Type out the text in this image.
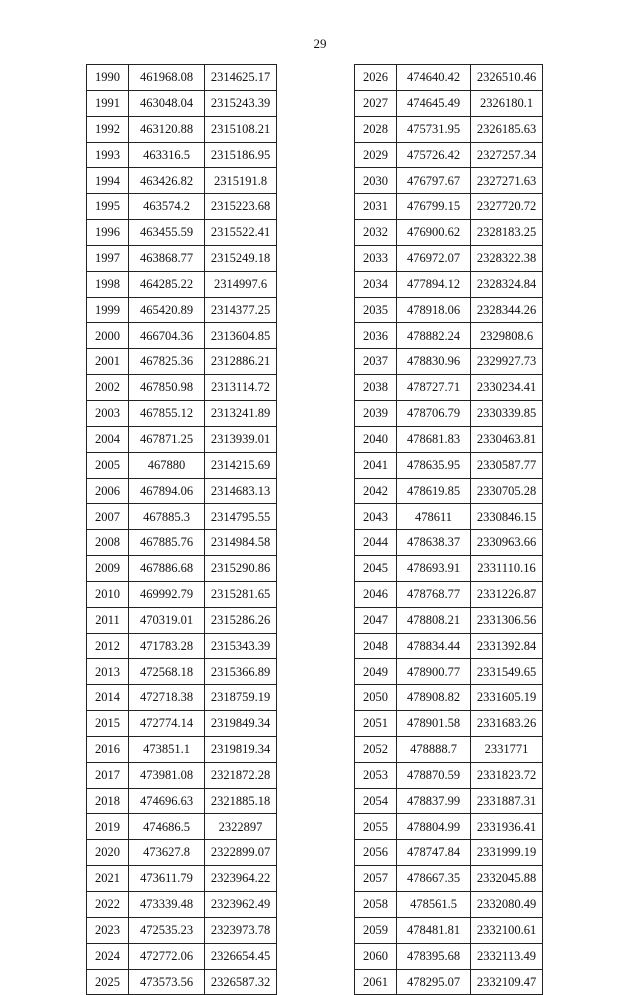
29
1990	461968.08	2314625.17
1991	463048.04	2315243.39
1992	463120.88	2315108.21
1993	463316.5	2315186.95
1994	463426.82	2315191.8
1995	463574.2	2315223.68
1996	463455.59	2315522.41
1997	463868.77	2315249.18
1998	464285.22	2314997.6
1999	465420.89	2314377.25
2000	466704.36	2313604.85
2001	467825.36	2312886.21
2002	467850.98	2313114.72
2003	467855.12	2313241.89
2004	467871.25	2313939.01
2005	467880	2314215.69
2006	467894.06	2314683.13
2007	467885.3	2314795.55
2008	467885.76	2314984.58
2009	467886.68	2315290.86
2010	469992.79	2315281.65
2011	470319.01	2315286.26
2012	471783.28	2315343.39
2013	472568.18	2315366.89
2014	472718.38	2318759.19
2015	472774.14	2319849.34
2016	473851.1	2319819.34
2017	473981.08	2321872.28
2018	474696.63	2321885.18
2019	474686.5	2322897
2020	473627.8	2322899.07
2021	473611.79	2323964.22
2022	473339.48	2323962.49
2023	472535.23	2323973.78
2024	472772.06	2326654.45
2025	473573.56	2326587.32
2026	474640.42	2326510.46
2027	474645.49	2326180.1
2028	475731.95	2326185.63
2029	475726.42	2327257.34
2030	476797.67	2327271.63
2031	476799.15	2327720.72
2032	476900.62	2328183.25
2033	476972.07	2328322.38
2034	477894.12	2328324.84
2035	478918.06	2328344.26
2036	478882.24	2329808.6
2037	478830.96	2329927.73
2038	478727.71	2330234.41
2039	478706.79	2330339.85
2040	478681.83	2330463.81
2041	478635.95	2330587.77
2042	478619.85	2330705.28
2043	478611	2330846.15
2044	478638.37	2330963.66
2045	478693.91	2331110.16
2046	478768.77	2331226.87
2047	478808.21	2331306.56
2048	478834.44	2331392.84
2049	478900.77	2331549.65
2050	478908.82	2331605.19
2051	478901.58	2331683.26
2052	478888.7	2331771
2053	478870.59	2331823.72
2054	478837.99	2331887.31
2055	478804.99	2331936.41
2056	478747.84	2331999.19
2057	478667.35	2332045.88
2058	478561.5	2332080.49
2059	478481.81	2332100.61
2060	478395.68	2332113.49
2061	478295.07	2332109.47
